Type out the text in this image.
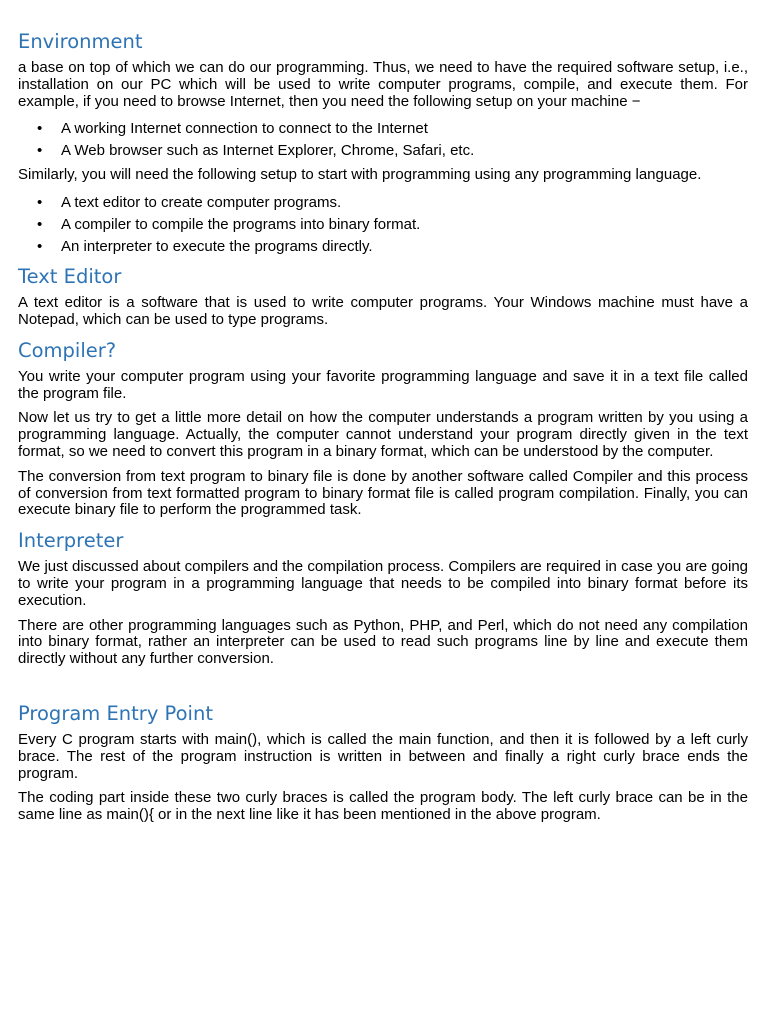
Environment

a base on top of which we can do our programming. Thus, we need to have the required software setup, i.e., installation on our PC which will be used to write computer programs, compile, and execute them. For example, if you need to browse Internet, then you need the following setup on your machine −

• A working Internet connection to connect to the Internet
• A Web browser such as Internet Explorer, Chrome, Safari, etc.

Similarly, you will need the following setup to start with programming using any programming language.

• A text editor to create computer programs.
• A compiler to compile the programs into binary format.
• An interpreter to execute the programs directly.
Text Editor

A text editor is a software that is used to write computer programs. Your Windows machine must have a Notepad, which can be used to type programs.

Compiler?

You write your computer program using your favorite programming language and save it in a text file called the program file.

Now let us try to get a little more detail on how the computer understands a program written by you using a programming language. Actually, the computer cannot understand your program directly given in the text format, so we need to convert this program in a binary format, which can be understood by the computer.

The conversion from text program to binary file is done by another software called Compiler and this process of conversion from text formatted program to binary format file is called program compilation. Finally, you can execute binary file to perform the programmed task.

Interpreter

We just discussed about compilers and the compilation process. Compilers are required in case you are going to write your program in a programming language that needs to be compiled into binary format before its execution.

There are other programming languages such as Python, PHP, and Perl, which do not need any compilation into binary format, rather an interpreter can be used to read such programs line by line and execute them directly without any further conversion.

Program Entry Point

Every C program starts with main(), which is called the main function, and then it is followed by a left curly brace. The rest of the program instruction is written in between and finally a right curly brace ends the program.

The coding part inside these two curly braces is called the program body. The left curly brace can be in the same line as main(){ or in the next line like it has been mentioned in the above program.
